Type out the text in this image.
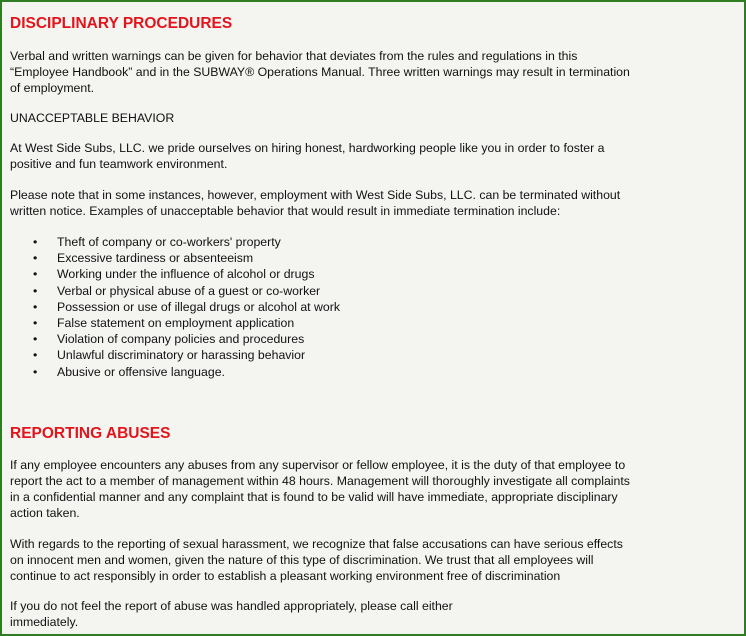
DISCIPLINARY PROCEDURES

Verbal and written warnings can be given for behavior that deviates from the rules and regulations in this
“Employee Handbook” and in the SUBWAY® Operations Manual. Three written warnings may result in termination
of employment.

UNACCEPTABLE BEHAVIOR

At West Side Subs, LLC. we pride ourselves on hiring honest, hardworking people like you in order to foster a
positive and fun teamwork environment.

Please note that in some instances, however, employment with West Side Subs, LLC. can be terminated without
written notice. Examples of unacceptable behavior that would result in immediate termination include:

• Theft of company or co-workers' property
• Excessive tardiness or absenteeism
• Working under the influence of alcohol or drugs
• Verbal or physical abuse of a guest or co-worker
• Possession or use of illegal drugs or alcohol at work
• False statement on employment application
• Violation of company policies and procedures
• Unlawful discriminatory or harassing behavior
• Abusive or offensive language.
REPORTING ABUSES

If any employee encounters any abuses from any supervisor or fellow employee, it is the duty of that employee to
report the act to a member of management within 48 hours. Management will thoroughly investigate all complaints
in a confidential manner and any complaint that is found to be valid will have immediate, appropriate disciplinary
action taken.

With regards to the reporting of sexual harassment, we recognize that false accusations can have serious effects
on innocent men and women, given the nature of this type of discrimination. We trust that all employees will
continue to act responsibly in order to establish a pleasant working environment free of discrimination

If you do not feel the report of abuse was handled appropriately, please call either
immediately.
